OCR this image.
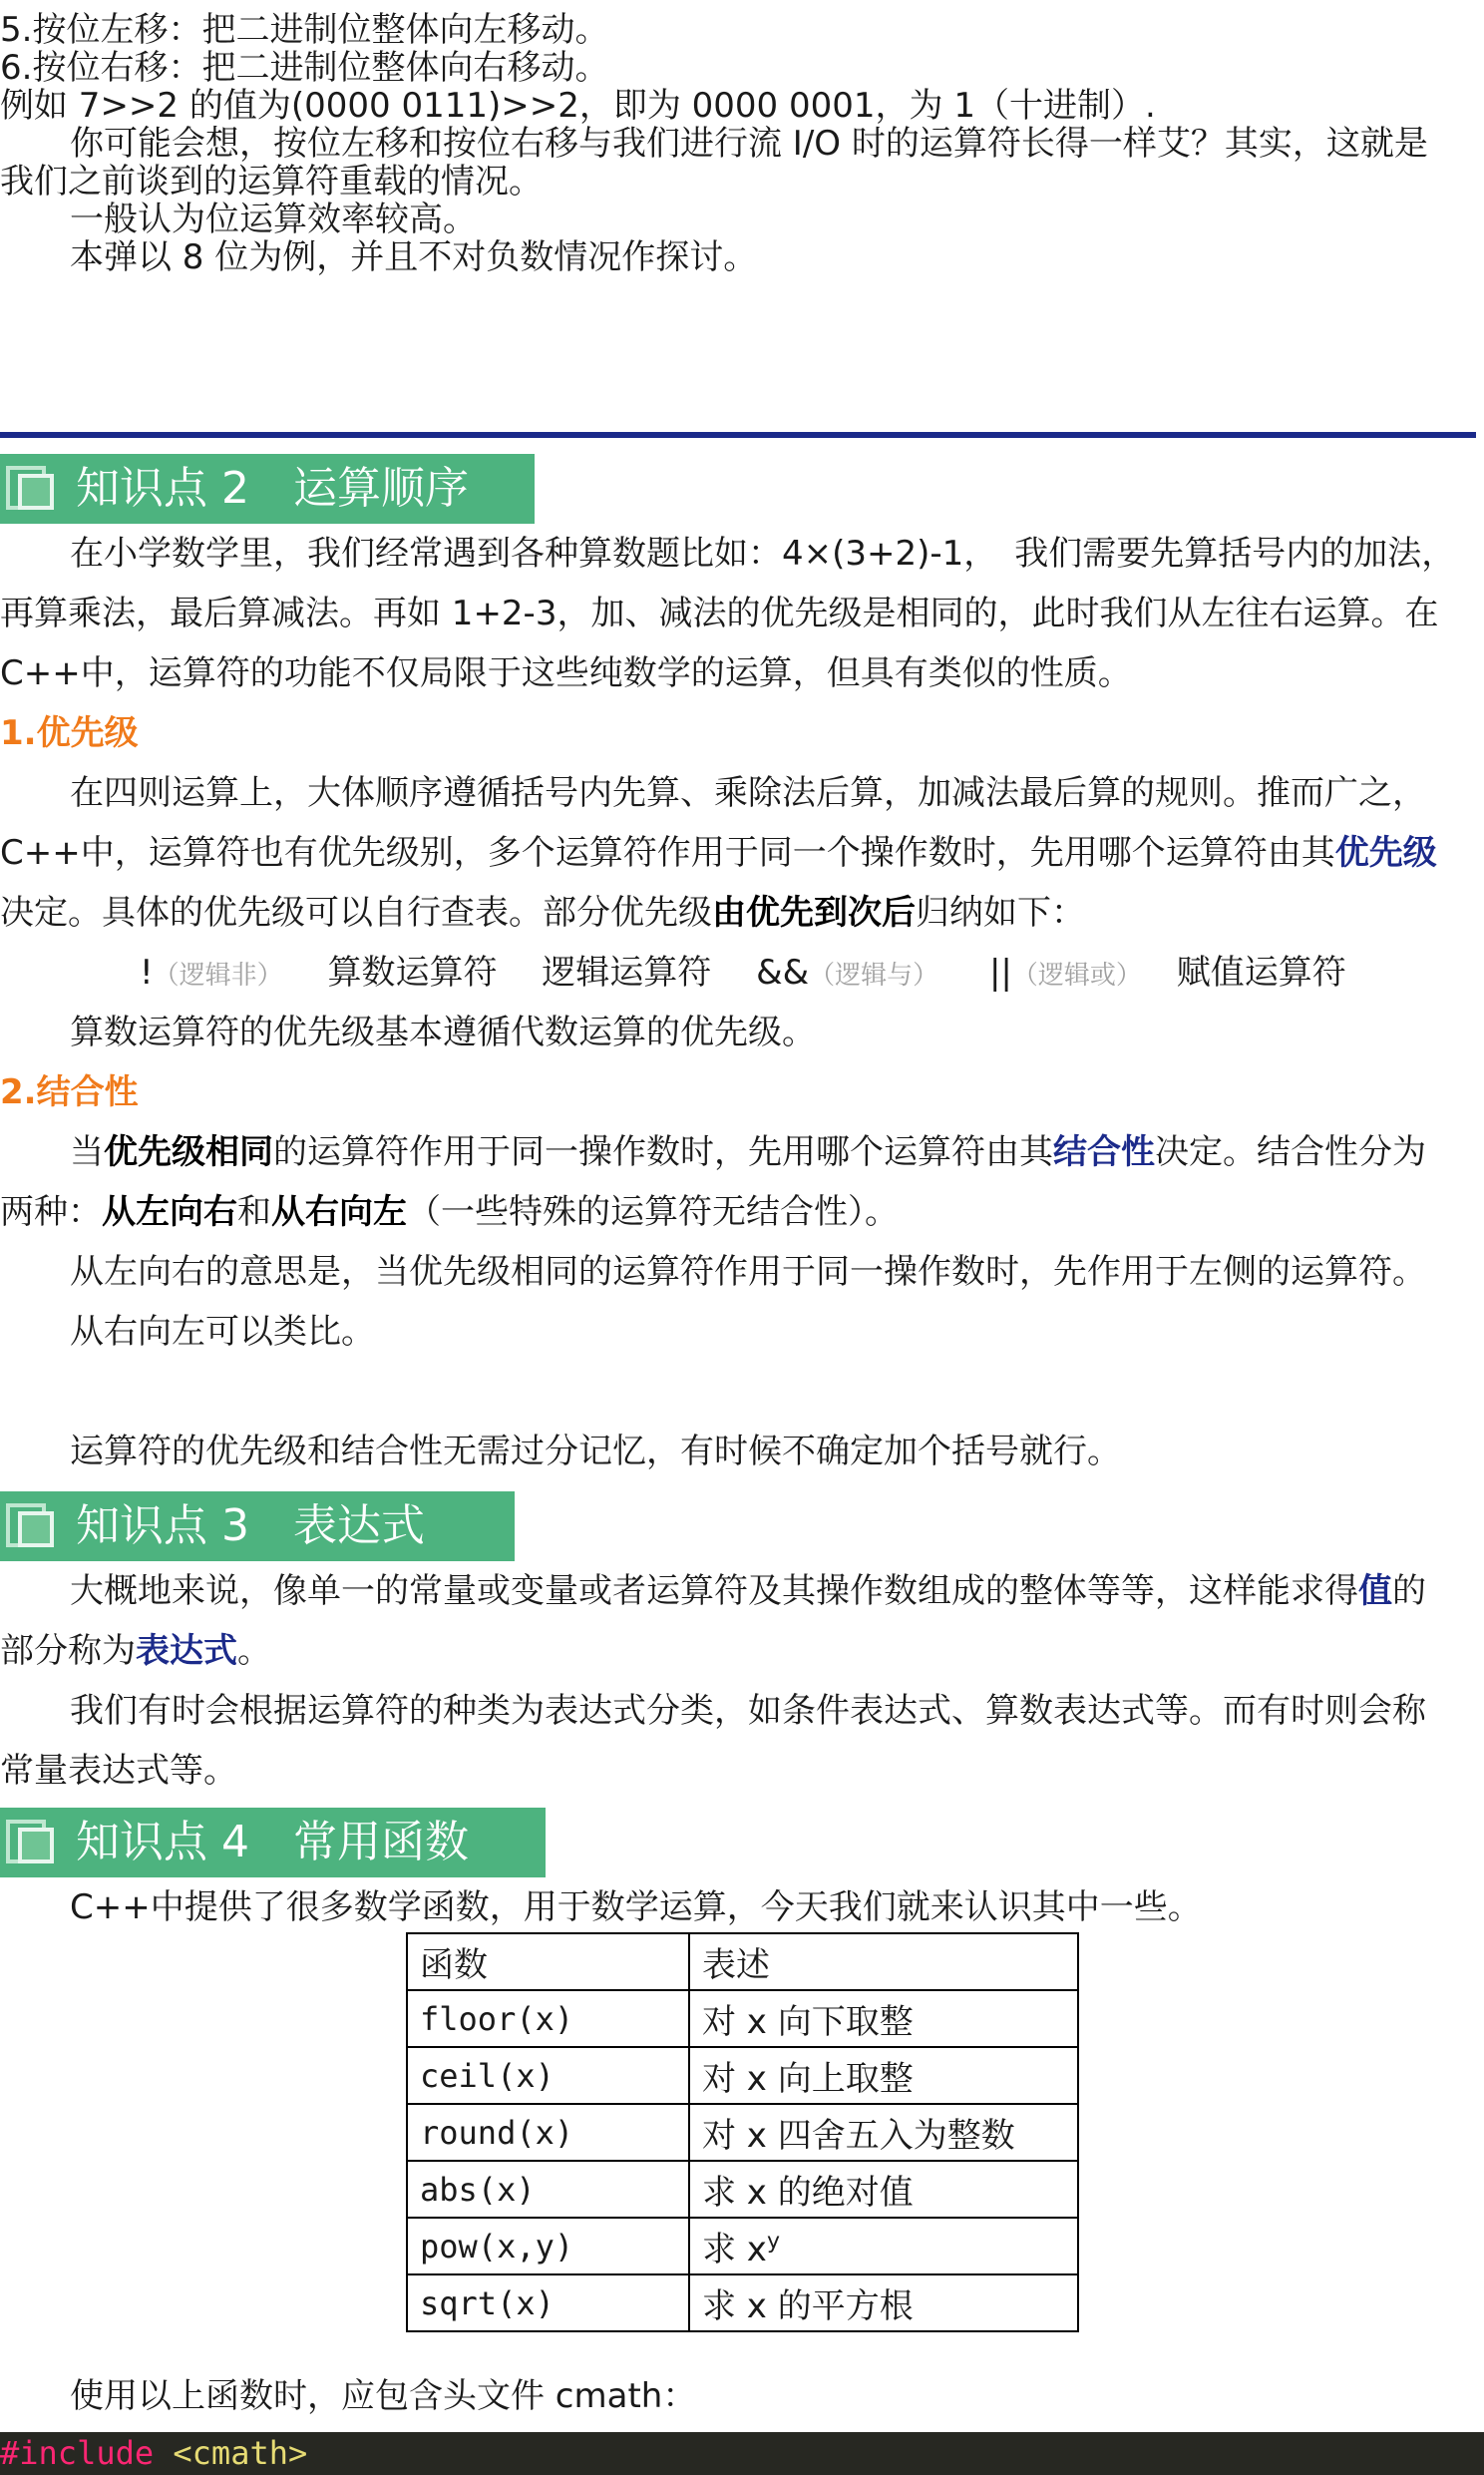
5.按位左移：把二进制位整体向左移动。
6.按位右移：把二进制位整体向右移动。
例如 7>>2 的值为(0000 0111)>>2，即为 0000 0001，为 1（十进制）.
你可能会想，按位左移和按位右移与我们进行流 I/O 时的运算符长得一样艾？其实，这就是
我们之前谈到的运算符重载的情况。
一般认为位运算效率较高。
本弹以 8 位为例，并且不对负数情况作探讨。
知识点 2　运算顺序
在小学数学里，我们经常遇到各种算数题比如：4×(3+2)-1，　我们需要先算括号内的加法，
再算乘法，最后算减法。再如 1+2-3，加、减法的优先级是相同的，此时我们从左往右运算。在
C++中，运算符的功能不仅局限于这些纯数学的运算，但具有类似的性质。
1.优先级
在四则运算上，大体顺序遵循括号内先算、乘除法后算，加减法最后算的规则。推而广之，
C++中，运算符也有优先级别，多个运算符作用于同一个操作数时，先用哪个运算符由其优先级
决定。具体的优先级可以自行查表。部分优先级由优先到次后归纳如下：
!（逻辑非） 算数运算符 逻辑运算符 &&（逻辑与） ||（逻辑或） 赋值运算符
算数运算符的优先级基本遵循代数运算的优先级。
2.结合性
当优先级相同的运算符作用于同一操作数时，先用哪个运算符由其结合性决定。结合性分为
两种：从左向右和从右向左（一些特殊的运算符无结合性）。
从左向右的意思是，当优先级相同的运算符作用于同一操作数时，先作用于左侧的运算符。
从右向左可以类比。
运算符的优先级和结合性无需过分记忆，有时候不确定加个括号就行。
知识点 3　表达式
大概地来说，像单一的常量或变量或者运算符及其操作数组成的整体等等，这样能求得值的
部分称为表达式。
我们有时会根据运算符的种类为表达式分类，如条件表达式、算数表达式等。而有时则会称
常量表达式等。
知识点 4　常用函数
C++中提供了很多数学函数，用于数学运算，今天我们就来认识其中一些。
函数	表述
floor(x)	对 x 向下取整
ceil(x)	对 x 向上取整
round(x)	对 x 四舍五入为整数
abs(x)	求 x 的绝对值
pow(x,y)	求 $x^y$
sqrt(x)	求 x 的平方根
使用以上函数时，应包含头文件 cmath：
#include <cmath>
